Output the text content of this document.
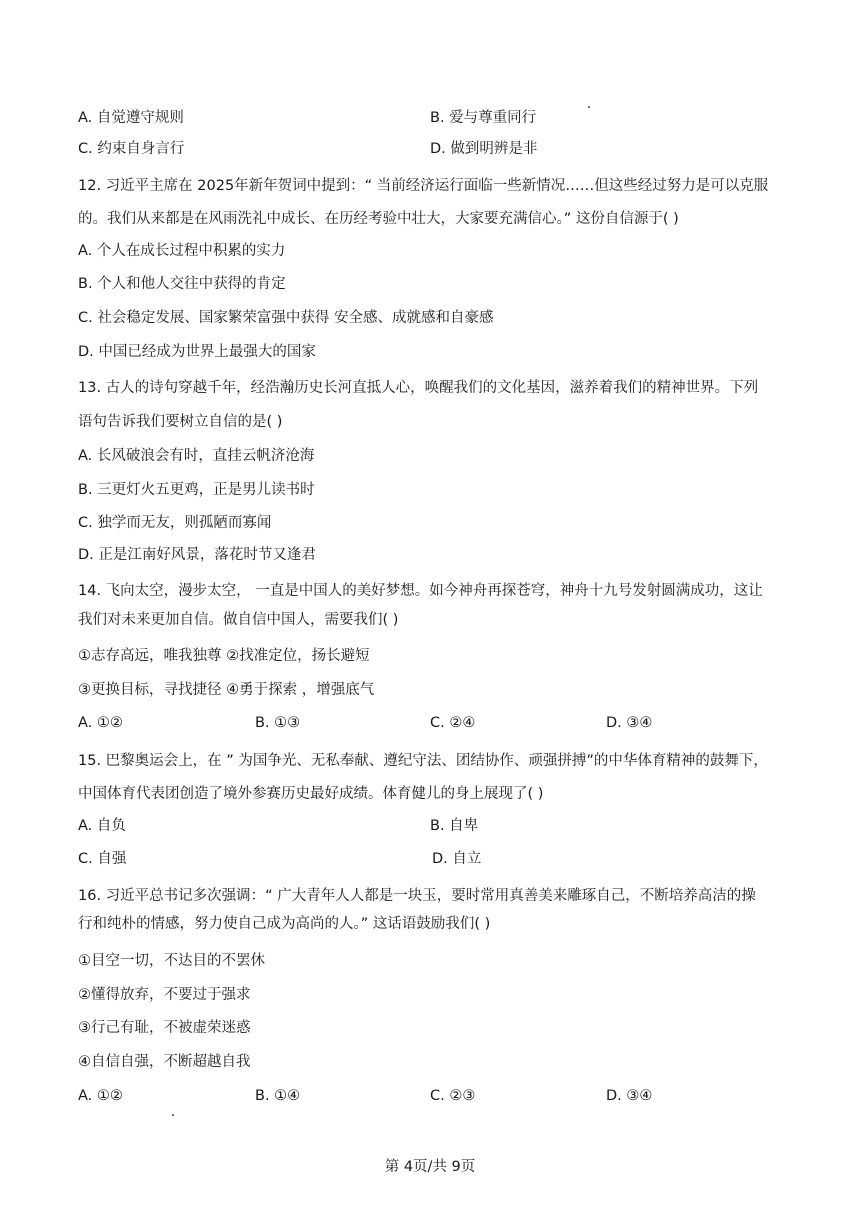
A. 自觉遵守规则	B. 爱与尊重同行
C. 约束自身言行	D. 做到明辨是非
12. 习近平主席在 2025年新年贺词中提到：“ 当前经济运行面临一些新情况……但这些经过努力是可以克服
的。我们从来都是在风雨洗礼中成长、在历经考验中壮大，大家要充满信心。” 这份自信源于( )
A. 个人在成长过程中积累的实力
B. 个人和他人交往中获得的肯定
C. 社会稳定发展、国家繁荣富强中获得 安全感、成就感和自豪感
D. 中国已经成为世界上最强大的国家
13. 古人的诗句穿越千年，经浩瀚历史长河直抵人心，唤醒我们的文化基因，滋养着我们的精神世界。下列
语句告诉我们要树立自信的是( )
A. 长风破浪会有时，直挂云帆济沧海
B. 三更灯火五更鸡，正是男儿读书时
C. 独学而无友，则孤陋而寡闻
D. 正是江南好风景，落花时节又逢君
14. 飞向太空，漫步太空， 一直是中国人的美好梦想。如今神舟再探苍穹，神舟十九号发射圆满成功，这让
我们对未来更加自信。做自信中国人，需要我们( )
①志存高远，唯我独尊 ②找准定位，扬长避短
③更换目标，寻找捷径 ④勇于探索 ，增强底气
A. ①②	B. ①③	C. ②④	D. ③④
15. 巴黎奥运会上，在 ” 为国争光、无私奉献、遵纪守法、团结协作、顽强拼搏”的中华体育精神的鼓舞下，
中国体育代表团创造了境外参赛历史最好成绩。体育健儿的身上展现了( )
A. 自负	B. 自卑
C. 自强	D. 自立
16. 习近平总书记多次强调：“ 广大青年人人都是一块玉，要时常用真善美来雕琢自己，不断培养高洁的操
行和纯朴的情感，努力使自己成为高尚的人。” 这话语鼓励我们( )
①目空一切，不达目的不罢休
②懂得放弃，不要过于强求
③行己有耻，不被虚荣迷惑
④自信自强，不断超越自我
A. ①②	B. ①④	C. ②③	D. ③④
第 4页/共 9页
